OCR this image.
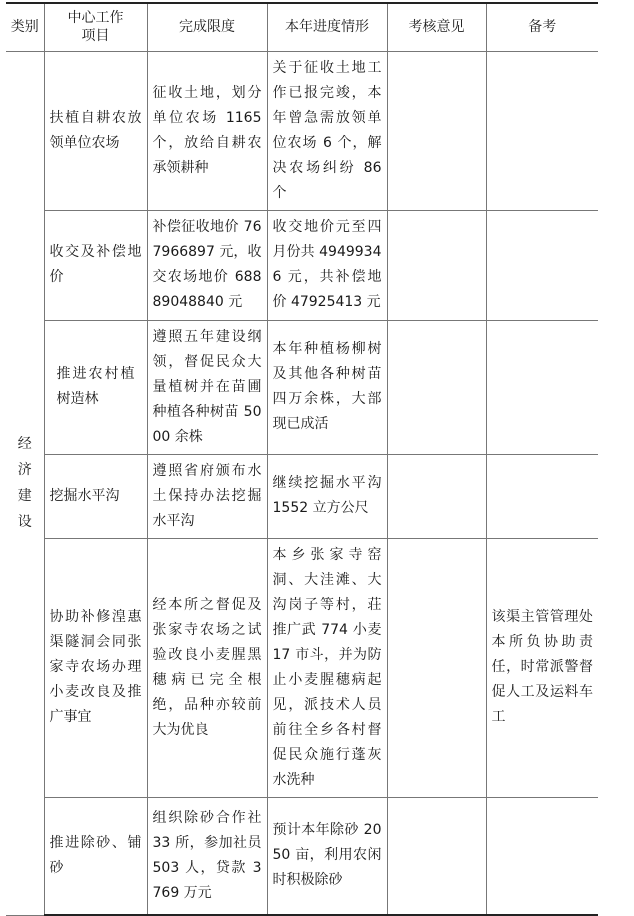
类别	中心工作项目	完成限度	本年进度情形	考核意见	备考
经济建设	扶植自耕农放领单位农场	征收土地，划分单位农场 1165 个，放给自耕农承领耕种	关于征收土地工作已报完竣，本年曾急需放领单位农场 6 个，解决农场纠纷 86 个		
	收交及补偿地价	补偿征收地价 767966897 元，收交农场地价 68889048840 元	收交地价元至四月份共 49499346 元，共补偿地价 47925413 元		
	推进农村植树造林	遵照五年建设纲领，督促民众大量植树并在苗圃种植各种树苗 5000 余株	本年种植杨柳树及其他各种树苗四万余株，大部现已成活		
	挖掘水平沟	遵照省府颁布水土保持办法挖掘水平沟	继续挖掘水平沟 1552 立方公尺		
	协助补修湟惠渠隧洞会同张家寺农场办理小麦改良及推广事宜	经本所之督促及张家寺农场之试验改良小麦腥黑穗病已完全根绝，品种亦较前大为优良	本乡张家寺窑洞、大洼滩、大沟岗子等村，荘推广武 774 小麦 17 市斗，并为防止小麦腥穗病起见，派技术人员前往全乡各村督促民众施行蓬灰水洗种		该渠主管管理处本所负协助责任，时常派警督促人工及运料车工
	推进除砂、铺砂	组织除砂合作社 33 所，参加社员 503 人，贷款 3769 万元	预计本年除砂 2050 亩，利用农闲时积极除砂		
